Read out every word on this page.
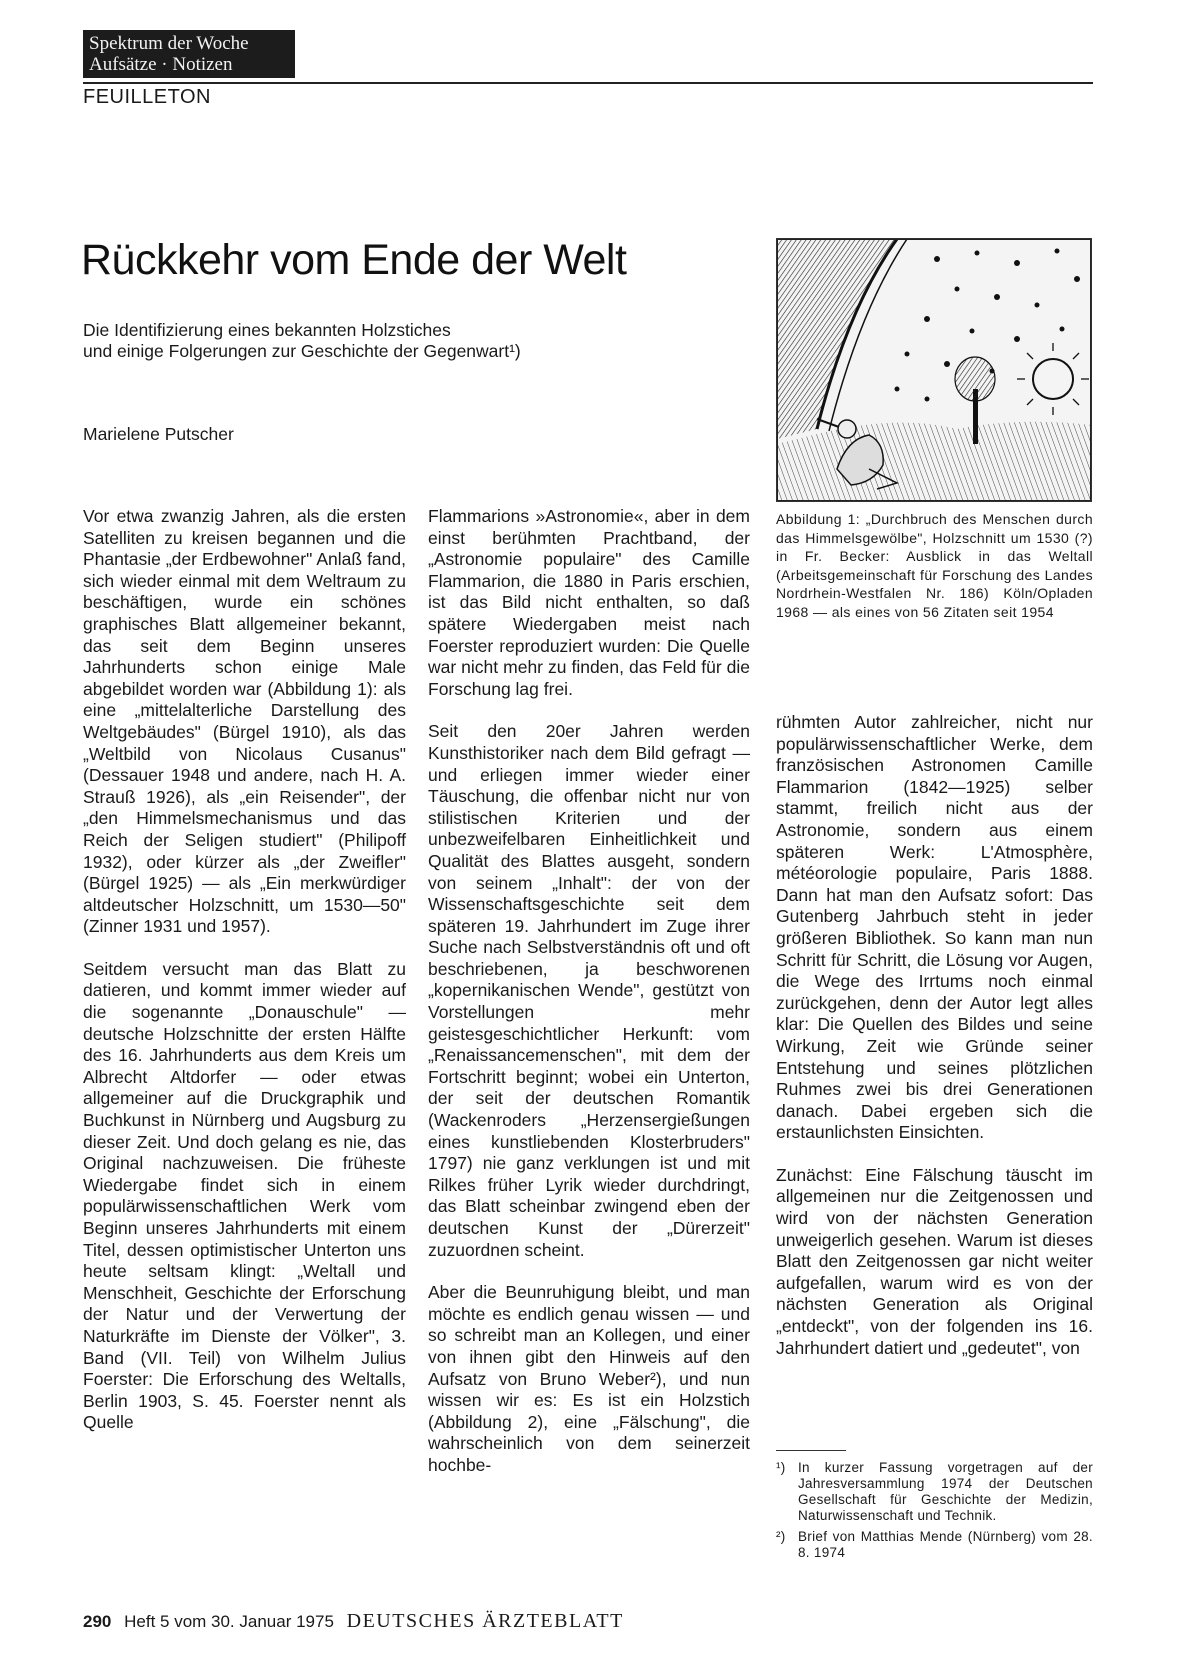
Spektrum der Woche
Aufsätze · Notizen
FEUILLETON
Rückkehr vom Ende der Welt
Die Identifizierung eines bekannten Holzstiches
und einige Folgerungen zur Geschichte der Gegenwart¹)
Marielene Putscher
Abbildung 1: „Durchbruch des Menschen durch das Himmelsgewölbe", Holzschnitt um 1530 (?) in Fr. Becker: Ausblick in das Weltall (Arbeitsgemeinschaft für Forschung des Landes Nordrhein-Westfalen Nr. 186) Köln/Opladen 1968 — als eines von 56 Zitaten seit 1954

Vor etwa zwanzig Jahren, als die ersten Satelliten zu kreisen begannen und die Phantasie „der Erdbewohner" Anlaß fand, sich wieder einmal mit dem Weltraum zu beschäftigen, wurde ein schönes graphisches Blatt allgemeiner bekannt, das seit dem Beginn unseres Jahrhunderts schon einige Male abgebildet worden war (Abbildung 1): als eine „mittelalterliche Darstellung des Weltgebäudes" (Bürgel 1910), als das „Weltbild von Nicolaus Cusanus" (Dessauer 1948 und andere, nach H. A. Strauß 1926), als „ein Reisender", der „den Himmelsmechanismus und das Reich der Seligen studiert" (Philipoff 1932), oder kürzer als „der Zweifler" (Bürgel 1925) — als „Ein merkwürdiger altdeutscher Holzschnitt, um 1530—50" (Zinner 1931 und 1957).

Seitdem versucht man das Blatt zu datieren, und kommt immer wieder auf die sogenannte „Donauschule" — deutsche Holzschnitte der ersten Hälfte des 16. Jahrhunderts aus dem Kreis um Albrecht Altdorfer — oder etwas allgemeiner auf die Druckgraphik und Buchkunst in Nürnberg und Augsburg zu dieser Zeit. Und doch gelang es nie, das Original nachzuweisen. Die früheste Wiedergabe findet sich in einem populärwissenschaftlichen Werk vom Beginn unseres Jahrhunderts mit einem Titel, dessen optimistischer Unterton uns heute seltsam klingt: „Weltall und Menschheit, Geschichte der Erforschung der Natur und der Verwertung der Naturkräfte im Dienste der Völker", 3. Band (VII. Teil) von Wilhelm Julius Foerster: Die Erforschung des Weltalls, Berlin 1903, S. 45. Foerster nennt als Quelle

Flammarions »Astronomie«, aber in dem einst berühmten Prachtband, der „Astronomie populaire" des Camille Flammarion, die 1880 in Paris erschien, ist das Bild nicht enthalten, so daß spätere Wiedergaben meist nach Foerster reproduziert wurden: Die Quelle war nicht mehr zu finden, das Feld für die Forschung lag frei.

Seit den 20er Jahren werden Kunsthistoriker nach dem Bild gefragt — und erliegen immer wieder einer Täuschung, die offenbar nicht nur von stilistischen Kriterien und der unbezweifelbaren Einheitlichkeit und Qualität des Blattes ausgeht, sondern von seinem „Inhalt": der von der Wissenschaftsgeschichte seit dem späteren 19. Jahrhundert im Zuge ihrer Suche nach Selbstverständnis oft und oft beschriebenen, ja beschworenen „kopernikanischen Wende", gestützt von Vorstellungen mehr geistesgeschichtlicher Herkunft: vom „Renaissancemenschen", mit dem der Fortschritt beginnt; wobei ein Unterton, der seit der deutschen Romantik (Wackenroders „Herzensergießungen eines kunstliebenden Klosterbruders" 1797) nie ganz verklungen ist und mit Rilkes früher Lyrik wieder durchdringt, das Blatt scheinbar zwingend eben der deutschen Kunst der „Dürerzeit" zuzuordnen scheint.

Aber die Beunruhigung bleibt, und man möchte es endlich genau wissen — und so schreibt man an Kollegen, und einer von ihnen gibt den Hinweis auf den Aufsatz von Bruno Weber²), und nun wissen wir es: Es ist ein Holzstich (Abbildung 2), eine „Fälschung", die wahrscheinlich von dem seinerzeit hochbe-

rühmten Autor zahlreicher, nicht nur populärwissenschaftlicher Werke, dem französischen Astronomen Camille Flammarion (1842—1925) selber stammt, freilich nicht aus der Astronomie, sondern aus einem späteren Werk: L'Atmosphère, météorologie populaire, Paris 1888. Dann hat man den Aufsatz sofort: Das Gutenberg Jahrbuch steht in jeder größeren Bibliothek. So kann man nun Schritt für Schritt, die Lösung vor Augen, die Wege des Irrtums noch einmal zurückgehen, denn der Autor legt alles klar: Die Quellen des Bildes und seine Wirkung, Zeit wie Gründe seiner Entstehung und seines plötzlichen Ruhmes zwei bis drei Generationen danach. Dabei ergeben sich die erstaunlichsten Einsichten.

Zunächst: Eine Fälschung täuscht im allgemeinen nur die Zeitgenossen und wird von der nächsten Generation unweigerlich gesehen. Warum ist dieses Blatt den Zeitgenossen gar nicht weiter aufgefallen, warum wird es von der nächsten Generation als Original „entdeckt", von der folgenden ins 16. Jahrhundert datiert und „gedeutet", von

¹) In kurzer Fassung vorgetragen auf der Jahresversammlung 1974 der Deutschen Gesellschaft für Geschichte der Medizin, Naturwissenschaft und Technik.
²) Brief von Matthias Mende (Nürnberg) vom 28. 8. 1974
290 Heft 5 vom 30. Januar 1975 DEUTSCHES ÄRZTEBLATT
